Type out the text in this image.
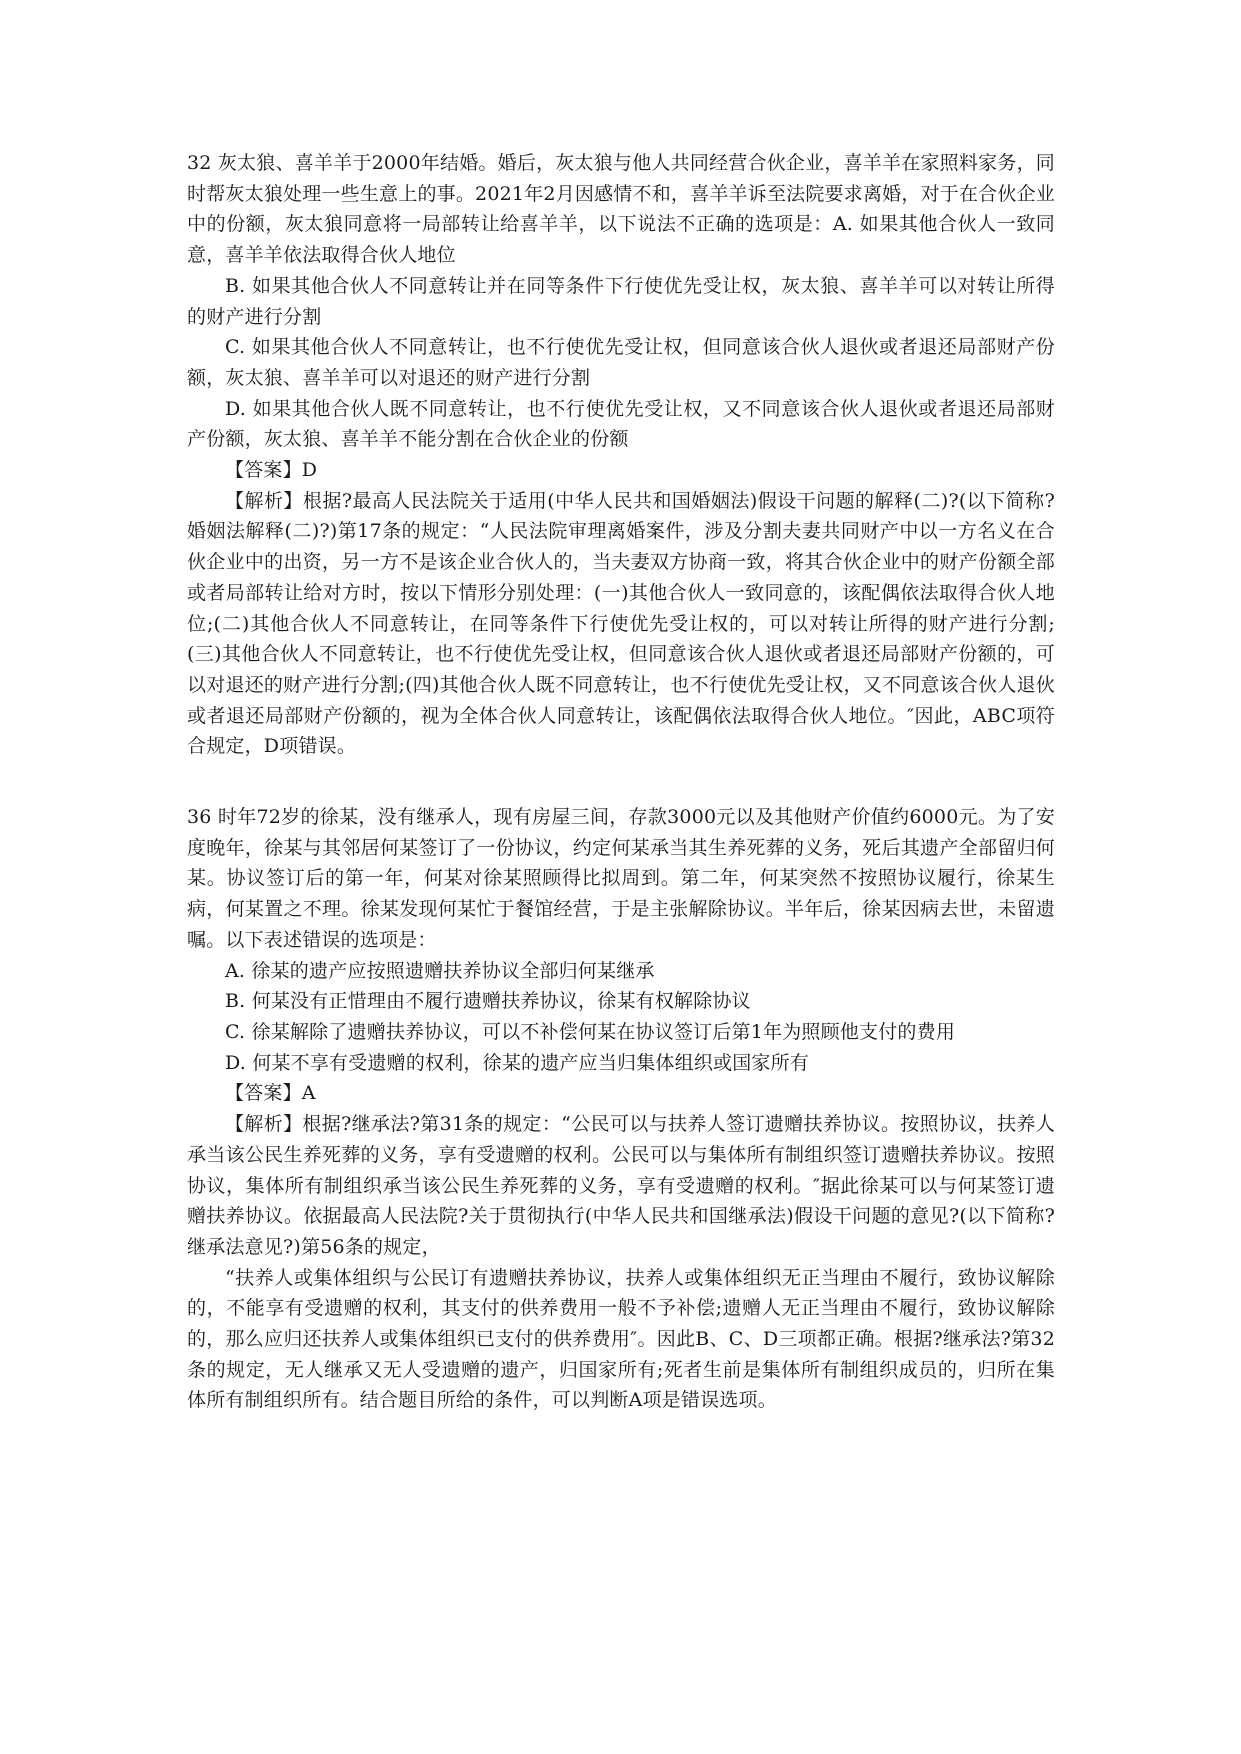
32 灰太狼、喜羊羊于2000年结婚。婚后，灰太狼与他人共同经营合伙企业，喜羊羊在家照料家务，同时帮灰太狼处理一些生意上的事。2021年2月因感情不和，喜羊羊诉至法院要求离婚，对于在合伙企业中的份额，灰太狼同意将一局部转让给喜羊羊，以下说法不正确的选项是：A. 如果其他合伙人一致同意，喜羊羊依法取得合伙人地位

B. 如果其他合伙人不同意转让并在同等条件下行使优先受让权，灰太狼、喜羊羊可以对转让所得的财产进行分割

C. 如果其他合伙人不同意转让，也不行使优先受让权，但同意该合伙人退伙或者退还局部财产份额，灰太狼、喜羊羊可以对退还的财产进行分割

D. 如果其他合伙人既不同意转让，也不行使优先受让权，又不同意该合伙人退伙或者退还局部财产份额，灰太狼、喜羊羊不能分割在合伙企业的份额

【答案】D

【解析】根据?最高人民法院关于适用(中华人民共和国婚姻法)假设干问题的解释(二)?(以下简称?婚姻法解释(二)?)第17条的规定：“人民法院审理离婚案件，涉及分割夫妻共同财产中以一方名义在合伙企业中的出资，另一方不是该企业合伙人的，当夫妻双方协商一致，将其合伙企业中的财产份额全部或者局部转让给对方时，按以下情形分别处理：(一)其他合伙人一致同意的，该配偶依法取得合伙人地位;(二)其他合伙人不同意转让，在同等条件下行使优先受让权的，可以对转让所得的财产进行分割;(三)其他合伙人不同意转让，也不行使优先受让权，但同意该合伙人退伙或者退还局部财产份额的，可以对退还的财产进行分割;(四)其他合伙人既不同意转让，也不行使优先受让权，又不同意该合伙人退伙或者退还局部财产份额的，视为全体合伙人同意转让，该配偶依法取得合伙人地位。″因此，ABC项符合规定，D项错误。

36 时年72岁的徐某，没有继承人，现有房屋三间，存款3000元以及其他财产价值约6000元。为了安度晚年，徐某与其邻居何某签订了一份协议，约定何某承当其生养死葬的义务，死后其遗产全部留归何某。协议签订后的第一年，何某对徐某照顾得比拟周到。第二年，何某突然不按照协议履行，徐某生病，何某置之不理。徐某发现何某忙于餐馆经营，于是主张解除协议。半年后，徐某因病去世，未留遗嘱。以下表述错误的选项是：

A. 徐某的遗产应按照遗赠扶养协议全部归何某继承

B. 何某没有正惜理由不履行遗赠扶养协议，徐某有权解除协议

C. 徐某解除了遗赠扶养协议，可以不补偿何某在协议签订后第1年为照顾他支付的费用

D. 何某不享有受遗赠的权利，徐某的遗产应当归集体组织或国家所有

【答案】A

【解析】根据?继承法?第31条的规定：“公民可以与扶养人签订遗赠扶养协议。按照协议，扶养人承当该公民生养死葬的义务，享有受遗赠的权利。公民可以与集体所有制组织签订遗赠扶养协议。按照协议，集体所有制组织承当该公民生养死葬的义务，享有受遗赠的权利。″据此徐某可以与何某签订遗赠扶养协议。依据最高人民法院?关于贯彻执行(中华人民共和国继承法)假设干问题的意见?(以下简称?继承法意见?)第56条的规定，

“扶养人或集体组织与公民订有遗赠扶养协议，扶养人或集体组织无正当理由不履行，致协议解除的，不能享有受遗赠的权利，其支付的供养费用一般不予补偿;遗赠人无正当理由不履行，致协议解除的，那么应归还扶养人或集体组织已支付的供养费用″。因此B、C、D三项都正确。根据?继承法?第32条的规定，无人继承又无人受遗赠的遗产，归国家所有;死者生前是集体所有制组织成员的，归所在集体所有制组织所有。结合题目所给的条件，可以判断A项是错误选项。
